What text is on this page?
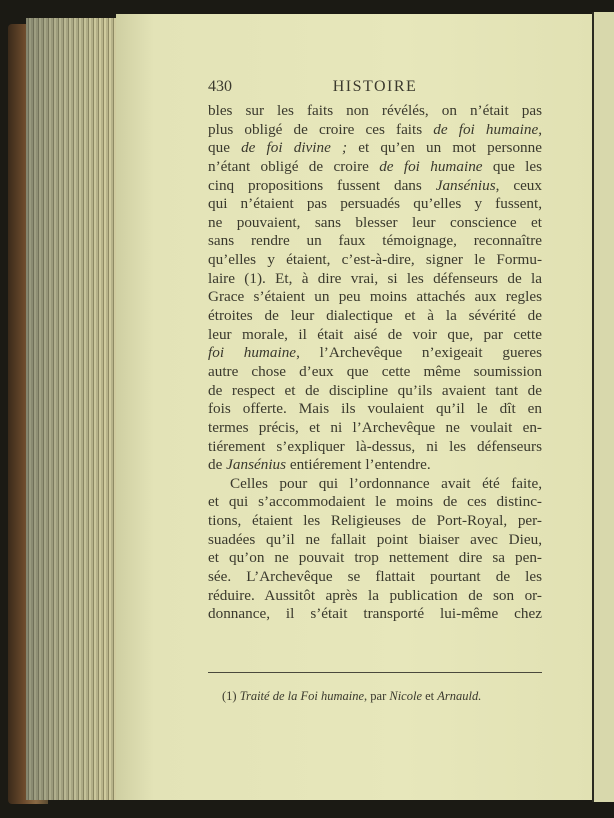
430	HISTOIRE
bles sur les faits non révélés, on n’était pas
plus obligé de croire ces faits de foi humaine,
que de foi divine ; et qu’en un mot personne
n’étant obligé de croire de foi humaine que les
cinq propositions fussent dans Jansénius, ceux
qui n’étaient pas persuadés qu’elles y fussent,
ne pouvaient, sans blesser leur conscience et
sans rendre un faux témoignage, reconnaître
qu’elles y étaient, c’est-à-dire, signer le Formu-
laire (1). Et, à dire vrai, si les défenseurs de la
Grace s’étaient un peu moins attachés aux regles
étroites de leur dialectique et à la sévérité de
leur morale, il était aisé de voir que, par cette
foi humaine, l’Archevêque n’exigeait gueres
autre chose d’eux que cette même soumission
de respect et de discipline qu’ils avaient tant de
fois offerte. Mais ils voulaient qu’il le dît en
termes précis, et ni l’Archevêque ne voulait en-
tiérement s’expliquer là-dessus, ni les défenseurs
de Jansénius entiérement l’entendre.
Celles pour qui l’ordonnance avait été faite,
et qui s’accommodaient le moins de ces distinc-
tions, étaient les Religieuses de Port-Royal, per-
suadées qu’il ne fallait point biaiser avec Dieu,
et qu’on ne pouvait trop nettement dire sa pen-
sée. L’Archevêque se flattait pourtant de les
réduire. Aussitôt après la publication de son or-
donnance, il s’était transporté lui-même chez
(1) Traité de la Foi humaine, par Nicole et Arnauld.
